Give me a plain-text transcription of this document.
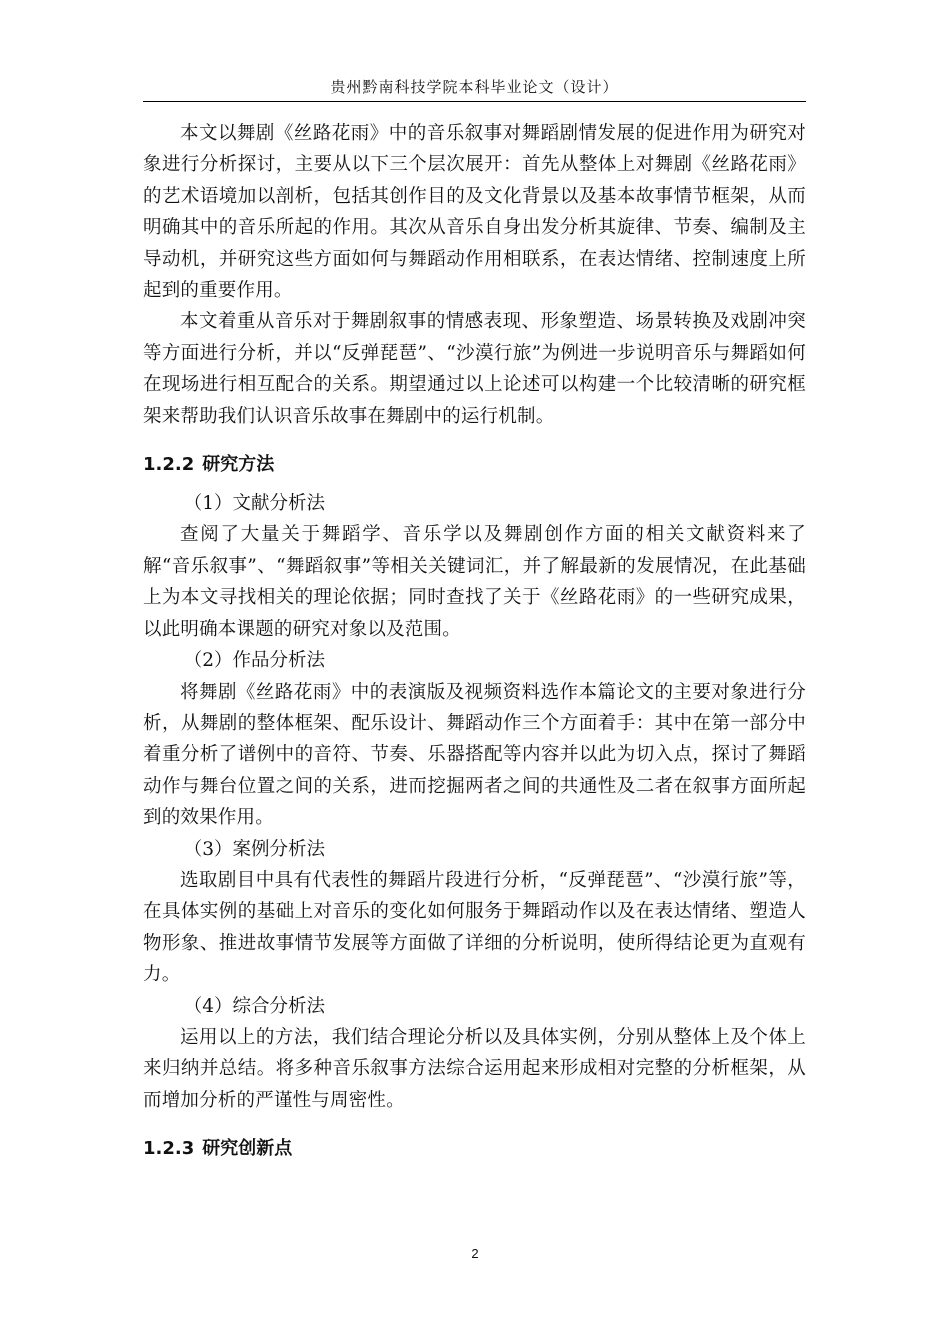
贵州黔南科技学院本科毕业论文（设计）

本文以舞剧《丝路花雨》中的音乐叙事对舞蹈剧情发展的促进作用为研究对象进行分析探讨，主要从以下三个层次展开：首先从整体上对舞剧《丝路花雨》的艺术语境加以剖析，包括其创作目的及文化背景以及基本故事情节框架，从而明确其中的音乐所起的作用。其次从音乐自身出发分析其旋律、节奏、编制及主导动机，并研究这些方面如何与舞蹈动作用相联系，在表达情绪、控制速度上所起到的重要作用。

本文着重从音乐对于舞剧叙事的情感表现、形象塑造、场景转换及戏剧冲突等方面进行分析，并以“反弹琵琶”、“沙漠行旅”为例进一步说明音乐与舞蹈如何在现场进行相互配合的关系。期望通过以上论述可以构建一个比较清晰的研究框架来帮助我们认识音乐故事在舞剧中的运行机制。

1.2.2 研究方法

（1）文献分析法

查阅了大量关于舞蹈学、音乐学以及舞剧创作方面的相关文献资料来了解“音乐叙事”、“舞蹈叙事”等相关关键词汇，并了解最新的发展情况，在此基础上为本文寻找相关的理论依据；同时查找了关于《丝路花雨》的一些研究成果，以此明确本课题的研究对象以及范围。

（2）作品分析法

将舞剧《丝路花雨》中的表演版及视频资料选作本篇论文的主要对象进行分析，从舞剧的整体框架、配乐设计、舞蹈动作三个方面着手：其中在第一部分中着重分析了谱例中的音符、节奏、乐器搭配等内容并以此为切入点，探讨了舞蹈动作与舞台位置之间的关系，进而挖掘两者之间的共通性及二者在叙事方面所起到的效果作用。

（3）案例分析法

选取剧目中具有代表性的舞蹈片段进行分析，“反弹琵琶”、“沙漠行旅”等，在具体实例的基础上对音乐的变化如何服务于舞蹈动作以及在表达情绪、塑造人物形象、推进故事情节发展等方面做了详细的分析说明，使所得结论更为直观有力。

（4）综合分析法

运用以上的方法，我们结合理论分析以及具体实例，分别从整体上及个体上来归纳并总结。将多种音乐叙事方法综合运用起来形成相对完整的分析框架，从而增加分析的严谨性与周密性。

1.2.3 研究创新点
2
